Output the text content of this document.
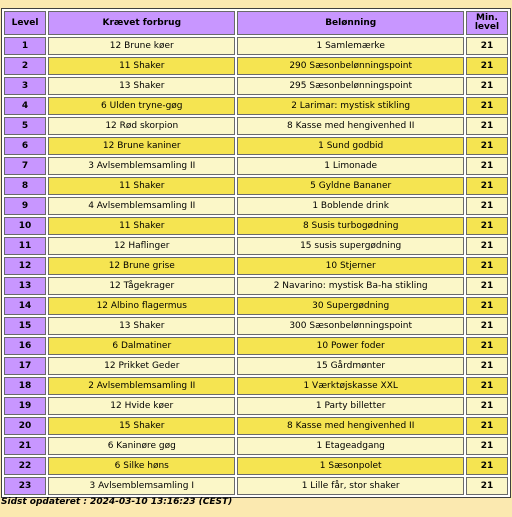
Level	Krævet forbrug	Belønning	Min. level
1	12 Brune køer	1 Samlemærke	21
2	11 Shaker	290 Sæsonbelønningspoint	21
3	13 Shaker	295 Sæsonbelønningspoint	21
4	6 Ulden tryne-gøg	2 Larimar: mystisk stikling	21
5	12 Rød skorpion	8 Kasse med hengivenhed II	21
6	12 Brune kaniner	1 Sund godbid	21
7	3 Avlsemblemsamling II	1 Limonade	21
8	11 Shaker	5 Gyldne Bananer	21
9	4 Avlsemblemsamling II	1 Boblende drink	21
10	11 Shaker	8 Susis turbogødning	21
11	12 Haflinger	15 susis supergødning	21
12	12 Brune grise	10 Stjerner	21
13	12 Tågekrager	2 Navarino: mystisk Ba-ha stikling	21
14	12 Albino flagermus	30 Supergødning	21
15	13 Shaker	300 Sæsonbelønningspoint	21
16	6 Dalmatiner	10 Power foder	21
17	12 Prikket Geder	15 Gårdmønter	21
18	2 Avlsemblemsamling II	1 Værktøjskasse XXL	21
19	12 Hvide køer	1 Party billetter	21
20	15 Shaker	8 Kasse med hengivenhed II	21
21	6 Kaninøre gøg	1 Etageadgang	21
22	6 Silke høns	1 Sæsonpolet	21
23	3 Avlsemblemsamling I	1 Lille får, stor shaker	21
Sidst opdateret : 2024-03-10 13:16:23 (CEST)
